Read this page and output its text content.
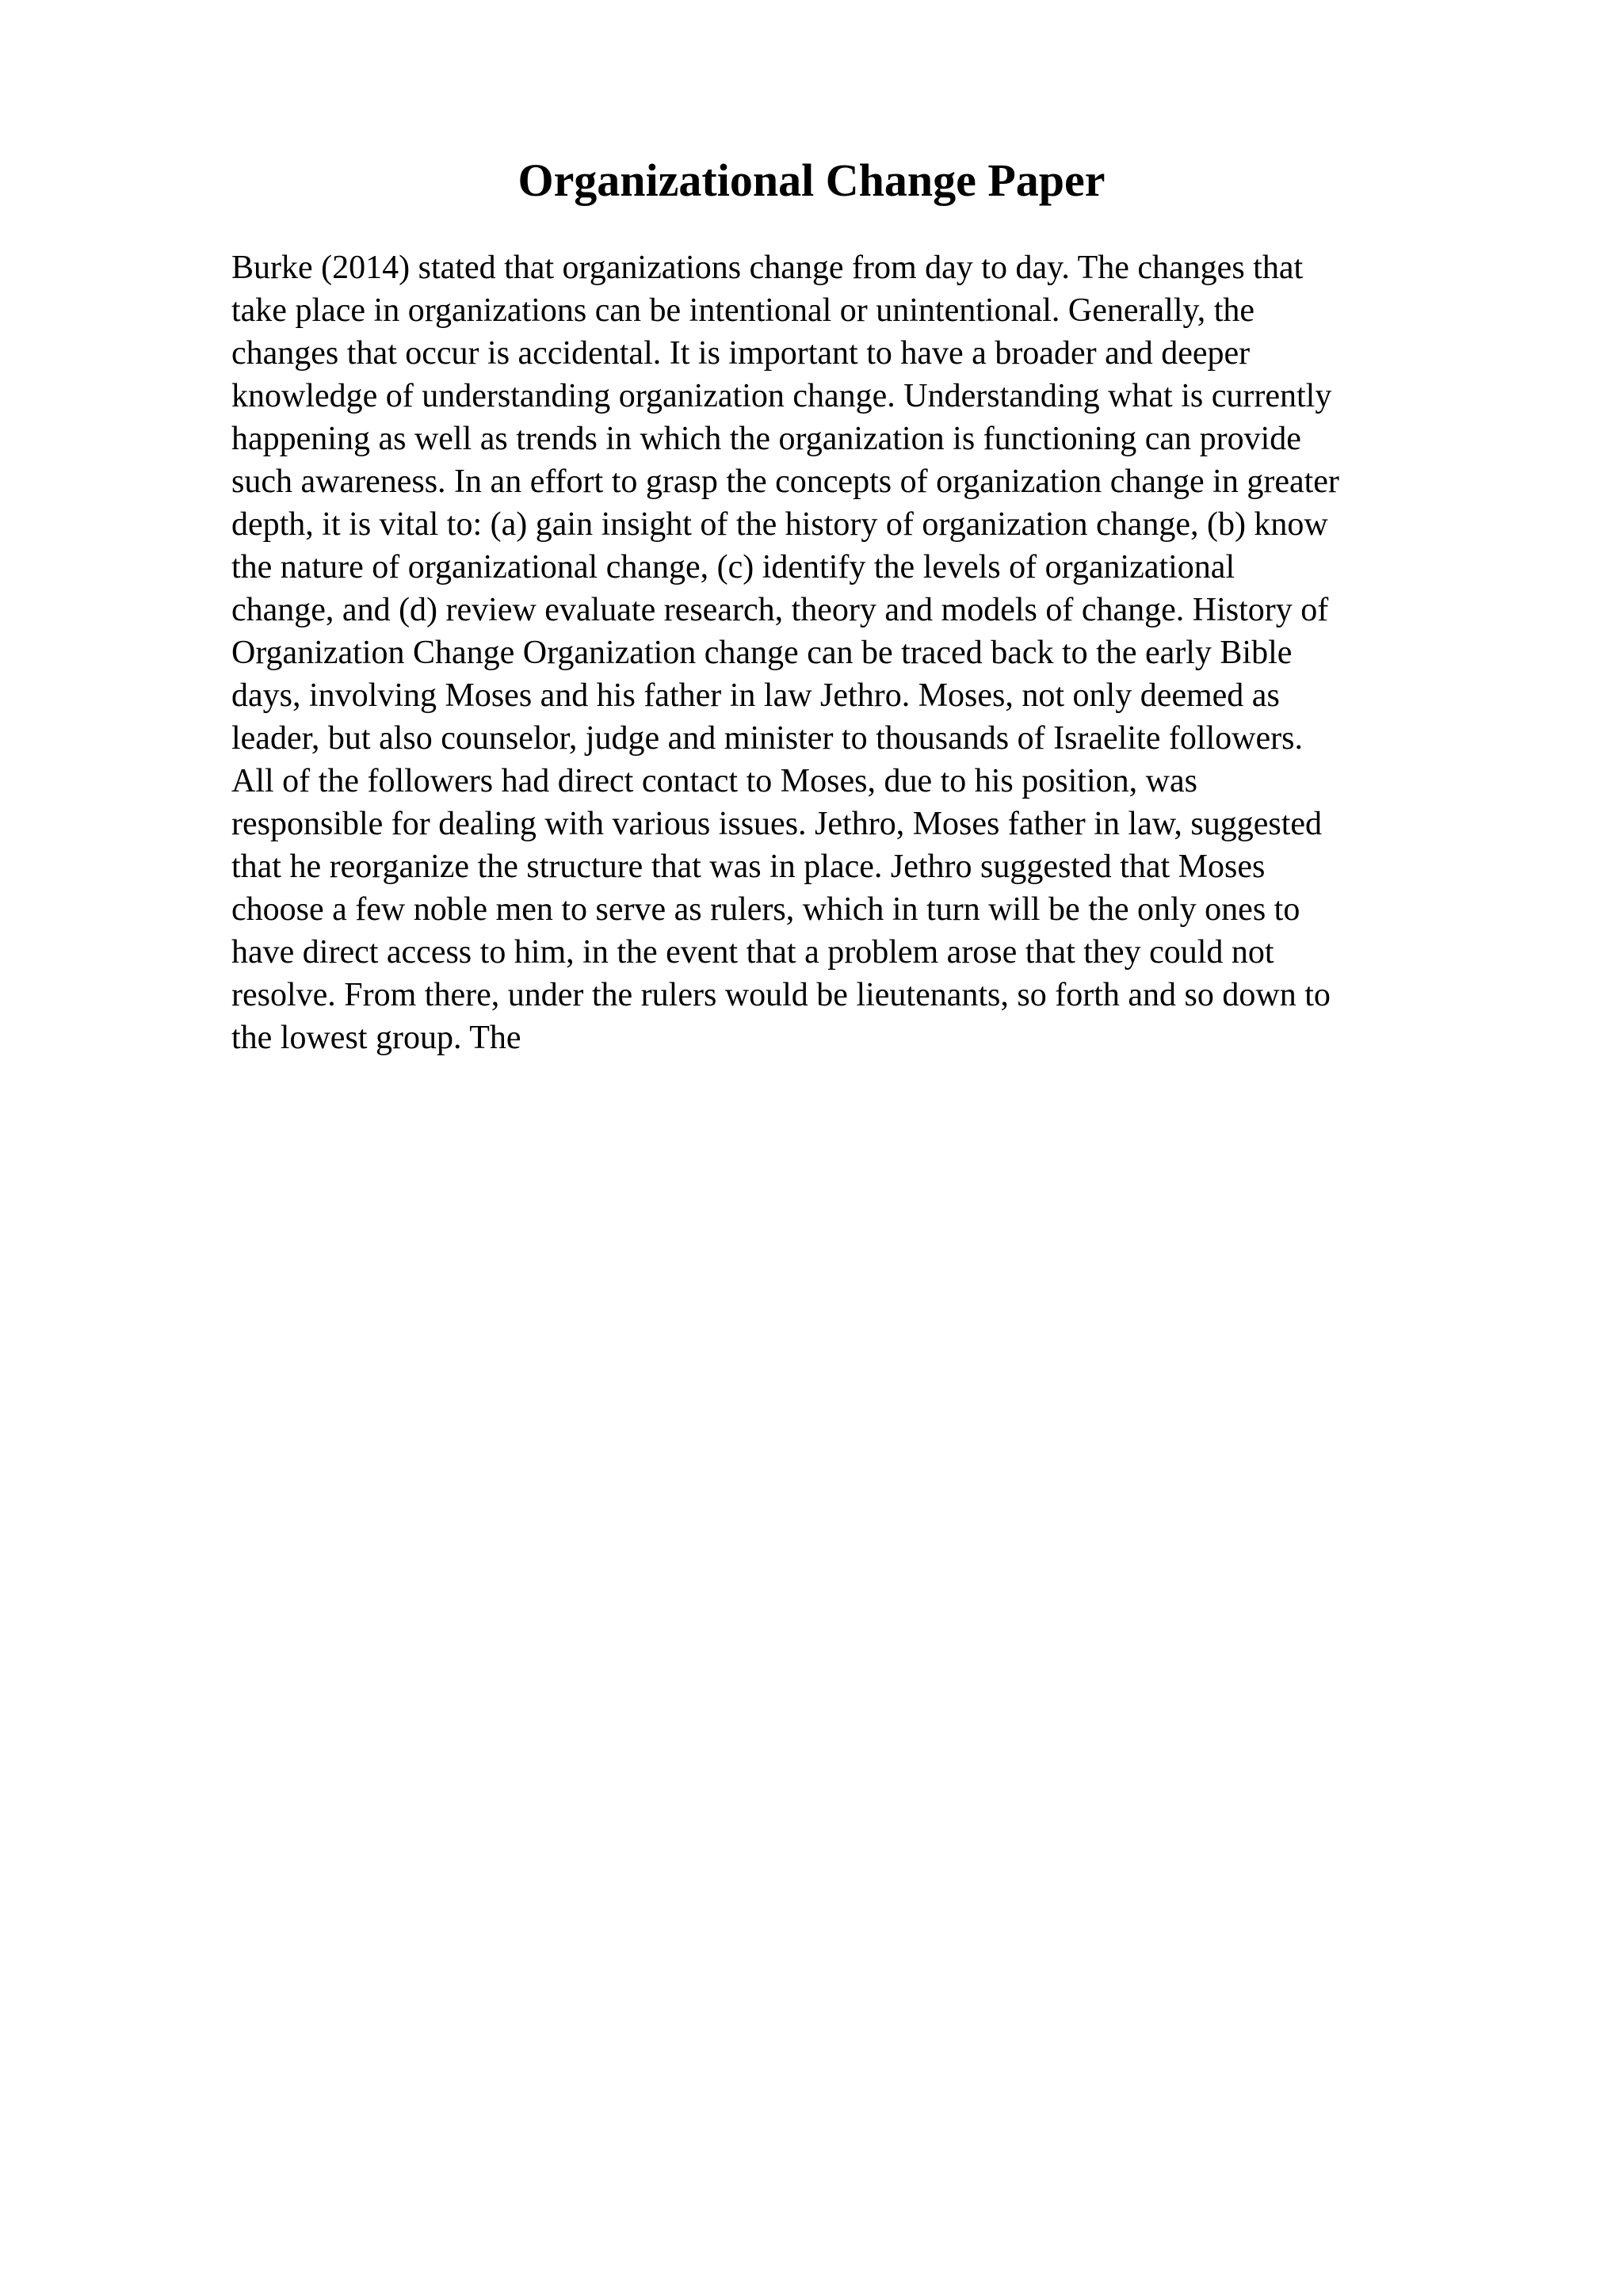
Organizational Change Paper
Burke (2014) stated that organizations change from day to day. The changes that
take place in organizations can be intentional or unintentional. Generally, the
changes that occur is accidental. It is important to have a broader and deeper
knowledge of understanding organization change. Understanding what is currently
happening as well as trends in which the organization is functioning can provide
such awareness. In an effort to grasp the concepts of organization change in greater
depth, it is vital to: (a) gain insight of the history of organization change, (b) know
the nature of organizational change, (c) identify the levels of organizational
change, and (d) review evaluate research, theory and models of change. History of
Organization Change Organization change can be traced back to the early Bible
days, involving Moses and his father in law Jethro. Moses, not only deemed as
leader, but also counselor, judge and minister to thousands of Israelite followers.
All of the followers had direct contact to Moses, due to his position, was
responsible for dealing with various issues. Jethro, Moses father in law, suggested
that he reorganize the structure that was in place. Jethro suggested that Moses
choose a few noble men to serve as rulers, which in turn will be the only ones to
have direct access to him, in the event that a problem arose that they could not
resolve. From there, under the rulers would be lieutenants, so forth and so down to
the lowest group. The
